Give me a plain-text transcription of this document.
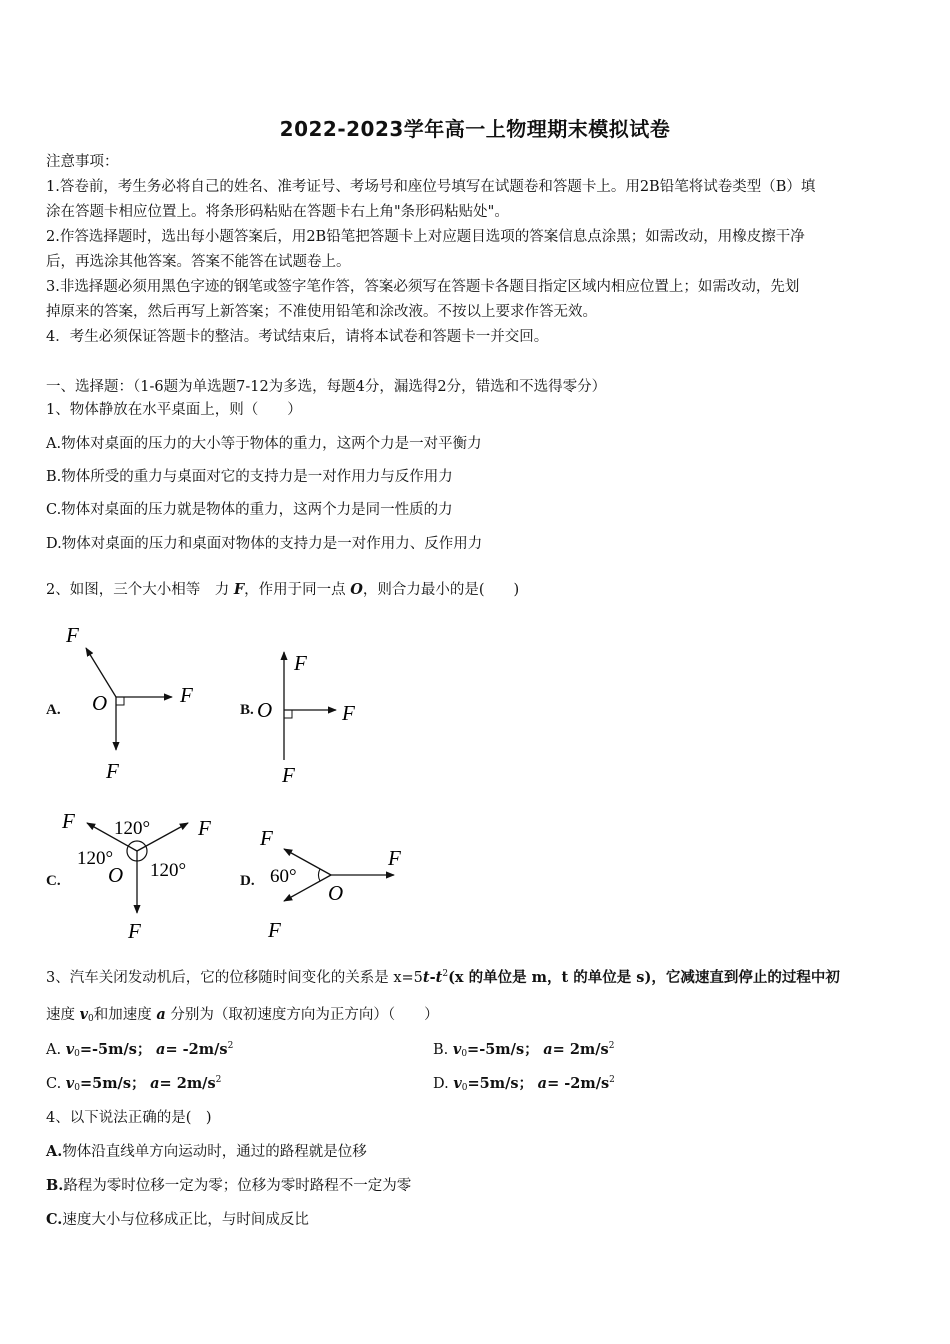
2022-2023学年高一上物理期末模拟试卷
注意事项：
1.答卷前，考生务必将自己的姓名、准考证号、考场号和座位号填写在试题卷和答题卡上。用2B铅笔将试卷类型（B）填
涂在答题卡相应位置上。将条形码粘贴在答题卡右上角"条形码粘贴处"。
2.作答选择题时，选出每小题答案后，用2B铅笔把答题卡上对应题目选项的答案信息点涂黑；如需改动，用橡皮擦干净
后，再选涂其他答案。答案不能答在试题卷上。
3.非选择题必须用黑色字迹的钢笔或签字笔作答，答案必须写在答题卡各题目指定区域内相应位置上；如需改动，先划
掉原来的答案，然后再写上新答案；不准使用铅笔和涂改液。不按以上要求作答无效。
4．考生必须保证答题卡的整洁。考试结束后，请将本试卷和答题卡一并交回。
一、选择题：（1-6题为单选题7-12为多选，每题4分，漏选得2分，错选和不选得零分）
1、物体静放在水平桌面上，则（　　）
A.物体对桌面的压力的大小等于物体的重力，这两个力是一对平衡力
B.物体所受的重力与桌面对它的支持力是一对作用力与反作用力
C.物体对桌面的压力就是物体的重力，这两个力是同一性质的力
D.物体对桌面的压力和桌面对物体的支持力是一对作用力、反作用力
2、如图，三个大小相等　力 F，作用于同一点 O，则合力最小的是(　　)
A.
F
F
F
O	B.
F
F
F
O
C.
F	F
F
O
120°
120°
120°	D.
F
F
F
O
60°
3、汽车关闭发动机后，它的位移随时间变化的关系是 $x=5t-t^2(x$ 的单位是 m，t 的单位是 s)，它减速直到停止的过程中初
速度 $v_0$和加速度 a 分别为（取初速度方向为正方向）（　　）
A. $v_0=-5m/s$； $a= -2m/s^2$	B. $v_0=-5m/s$； $a= 2m/s^2$
C. $v_0=5m/s$； $a= 2m/s^2$	D. $v_0=5m/s$； $a= -2m/s^2$
4、以下说法正确的是(　)
A.物体沿直线单方向运动时，通过的路程就是位移
B.路程为零时位移一定为零；位移为零时路程不一定为零
C.速度大小与位移成正比，与时间成反比
